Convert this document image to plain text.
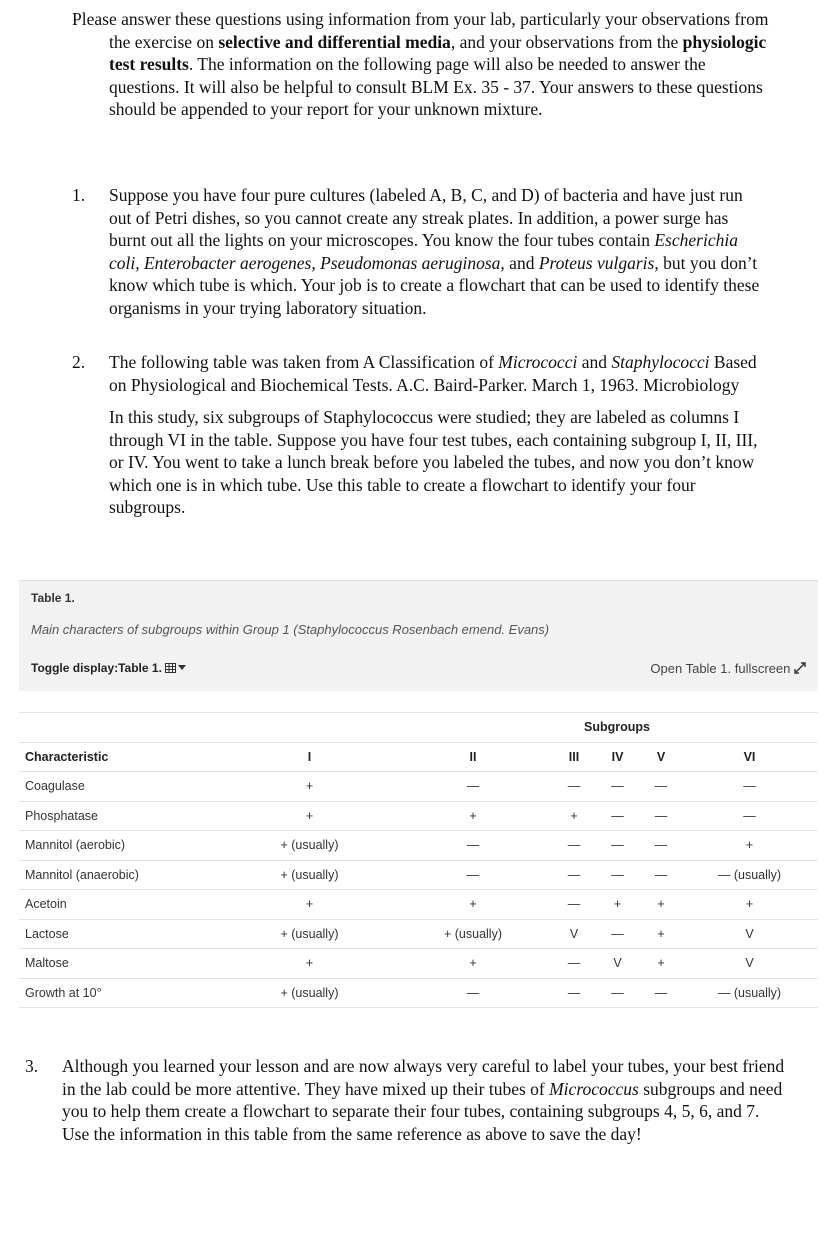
Please answer these questions using information from your lab, particularly your observations from the exercise on selective and differential media, and your observations from the physiologic test results. The information on the following page will also be needed to answer the questions. It will also be helpful to consult BLM Ex. 35 - 37. Your answers to these questions should be appended to your report for your unknown mixture.

1. Suppose you have four pure cultures (labeled A, B, C, and D) of bacteria and have just run out of Petri dishes, so you cannot create any streak plates. In addition, a power surge has burnt out all the lights on your microscopes. You know the four tubes contain Escherichia coli, Enterobacter aerogenes, Pseudomonas aeruginosa, and Proteus vulgaris, but you don’t know which tube is which. Your job is to create a flowchart that can be used to identify these organisms in your trying laboratory situation.

2. The following table was taken from A Classification of Micrococci and Staphylococci Based on Physiological and Biochemical Tests. A.C. Baird-Parker. March 1, 1963. Microbiology

In this study, six subgroups of Staphylococcus were studied; they are labeled as columns I through VI in the table. Suppose you have four test tubes, each containing subgroup I, II, III, or IV. You went to take a lunch break before you labeled the tubes, and now you don’t know which one is in which tube. Use this table to create a flowchart to identify your four subgroups.

Table 1.
Main characters of subgroups within Group 1 (Staphylococcus Rosenbach emend. Evans)
Toggle display:Table 1.	Open Table 1. fullscreen
		Subgroups				
Characteristic	I	II	III	IV	V	VI
Coagulase	+	—	—	—	—	—
Phosphatase	+	+	+	—	—	—
Mannitol (aerobic)	+ (usually)	—	—	—	—	+
Mannitol (anaerobic)	+ (usually)	—	—	—	—	— (usually)
Acetoin	+	+	—	+	+	+
Lactose	+ (usually)	+ (usually)	V	—	+	V
Maltose	+	+	—	V	+	V
Growth at 10°	+ (usually)	—	—	—	—	— (usually)
3. Although you learned your lesson and are now always very careful to label your tubes, your best friend in the lab could be more attentive. They have mixed up their tubes of Micrococcus subgroups and need you to help them create a flowchart to separate their four tubes, containing subgroups 4, 5, 6, and 7. Use the information in this table from the same reference as above to save the day!
